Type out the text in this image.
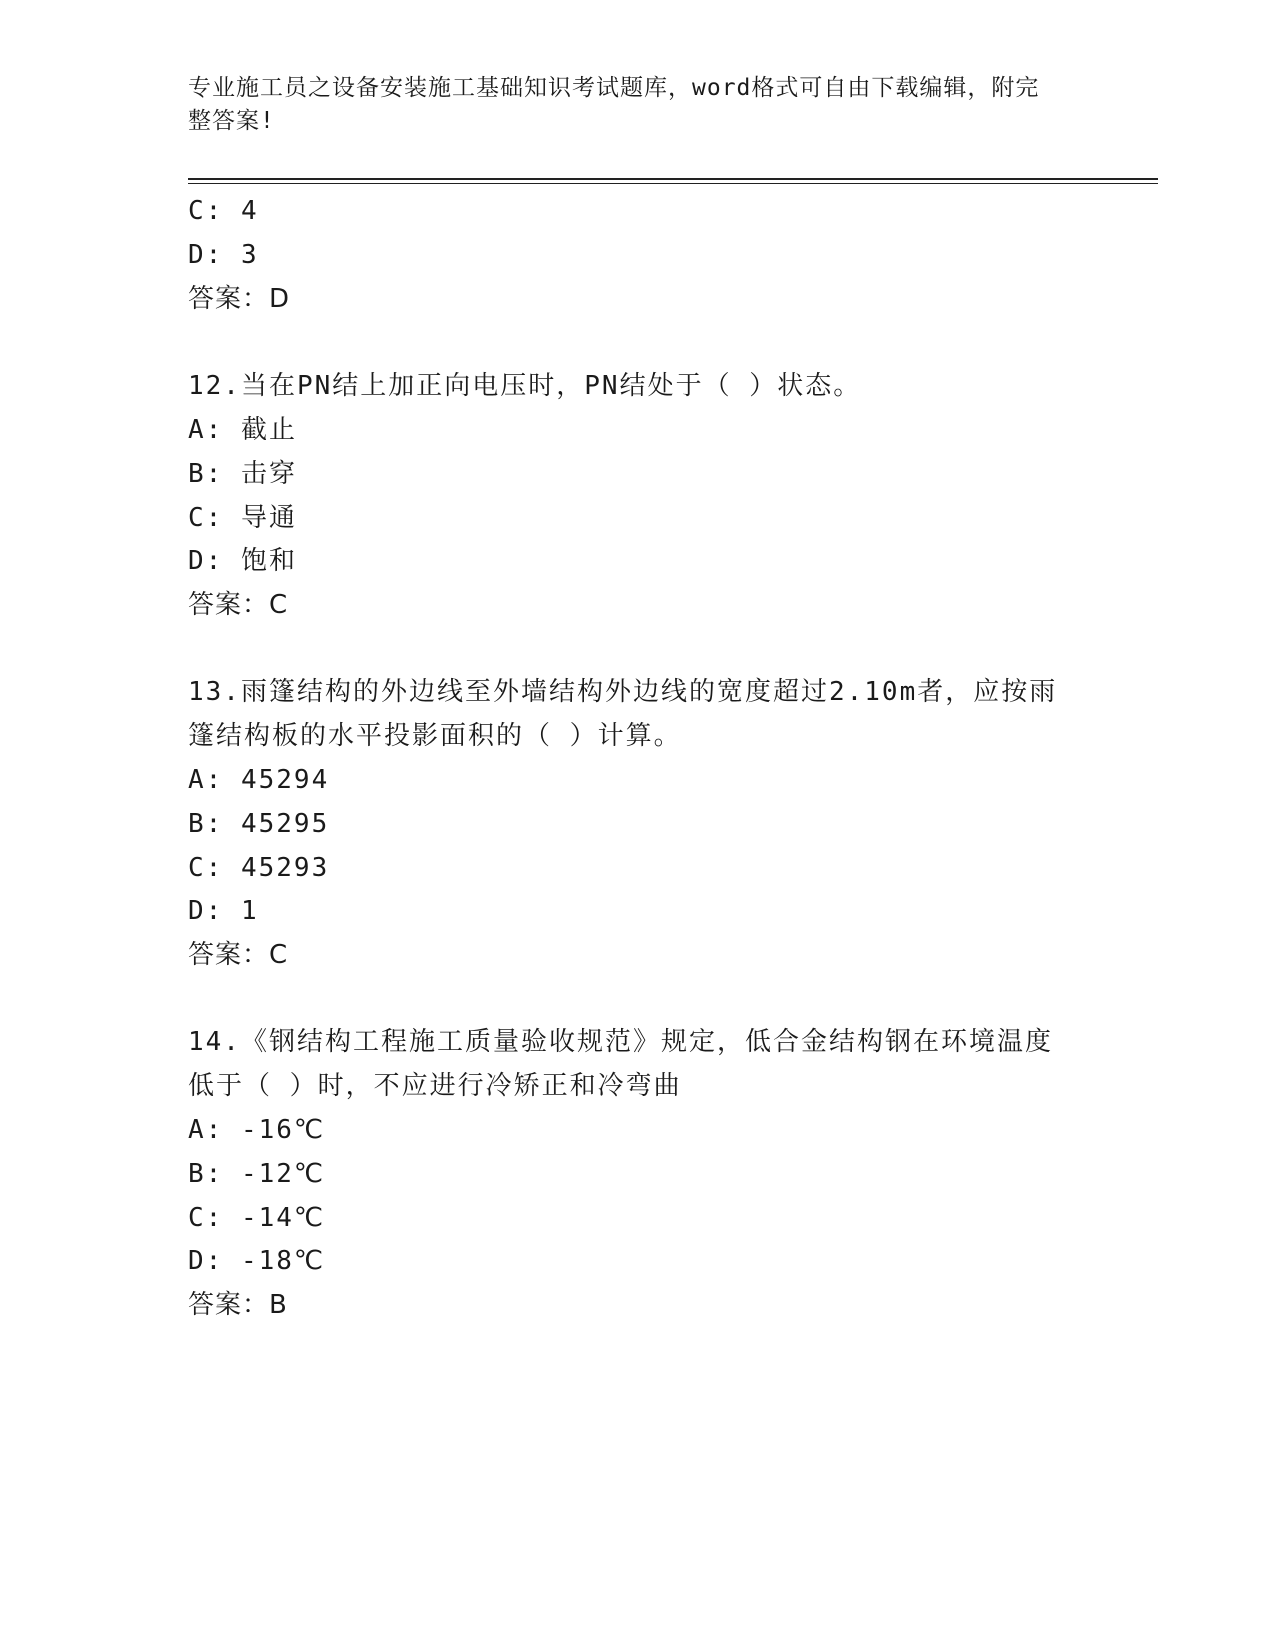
专业施工员之设备安装施工基础知识考试题库，word格式可自由下载编辑，附完
整答案!
C: 4
D: 3
答案：D
12.当在PN结上加正向电压时，PN结处于（ ）状态。
A: 截止
B: 击穿
C: 导通
D: 饱和
答案：C
13.雨篷结构的外边线至外墙结构外边线的宽度超过2.10m者，应按雨
篷结构板的水平投影面积的（ ）计算。
A: 45294
B: 45295
C: 45293
D: 1
答案：C
14.《钢结构工程施工质量验收规范》规定，低合金结构钢在环境温度
低于（ ）时，不应进行冷矫正和冷弯曲
A: -16℃
B: -12℃
C: -14℃
D: -18℃
答案：B
